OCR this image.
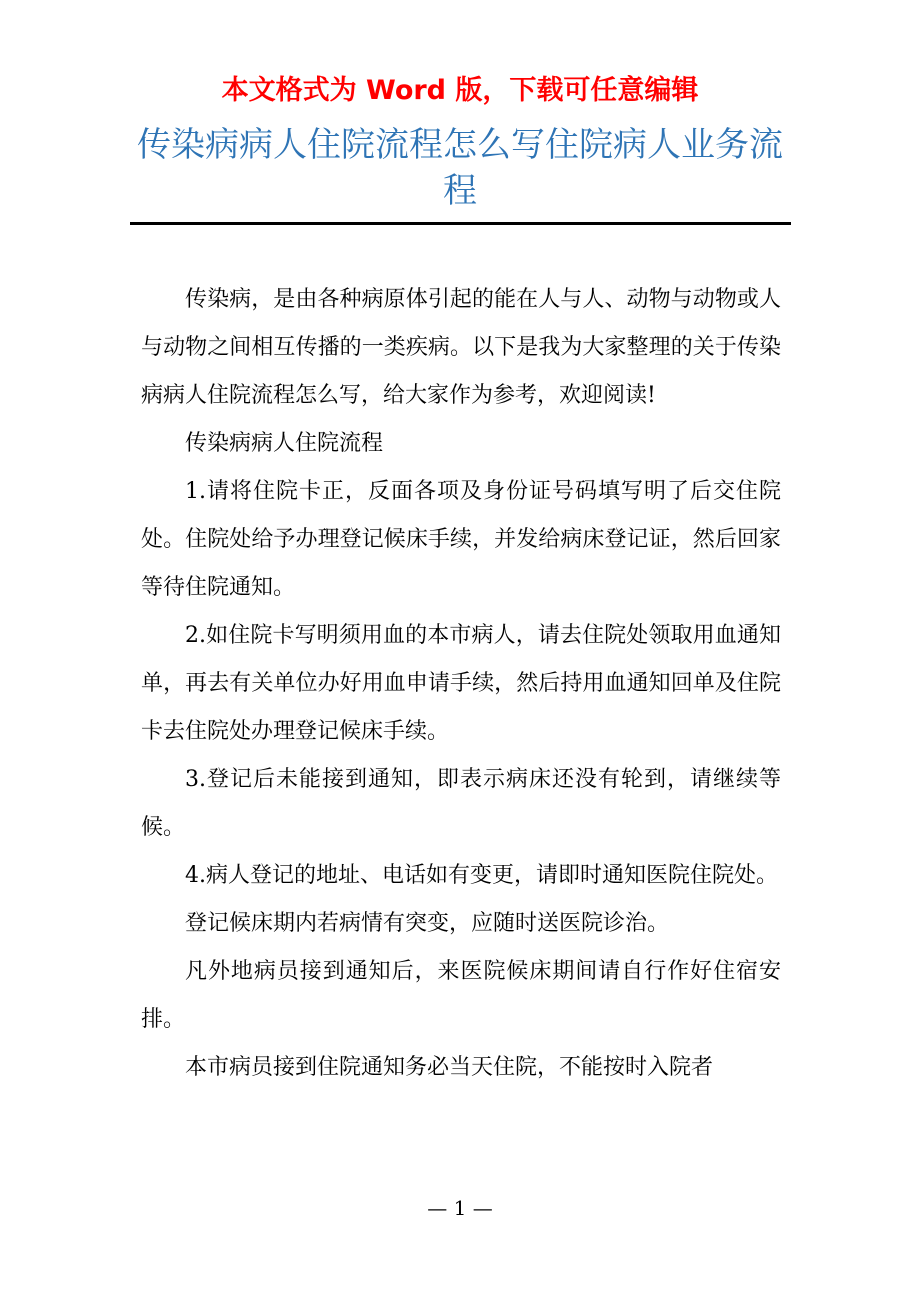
本文格式为 Word 版，下载可任意编辑
传染病病人住院流程怎么写住院病人业务流程

传染病，是由各种病原体引起的能在人与人、动物与动物或人与动物之间相互传播的一类疾病。以下是我为大家整理的关于传染病病人住院流程怎么写，给大家作为参考，欢迎阅读!

传染病病人住院流程

1.请将住院卡正，反面各项及身份证号码填写明了后交住院处。住院处给予办理登记候床手续，并发给病床登记证，然后回家等待住院通知。

2.如住院卡写明须用血的本市病人，请去住院处领取用血通知单，再去有关单位办好用血申请手续，然后持用血通知回单及住院卡去住院处办理登记候床手续。

3.登记后未能接到通知，即表示病床还没有轮到，请继续等候。

4.病人登记的地址、电话如有变更，请即时通知医院住院处。

登记候床期内若病情有突变，应随时送医院诊治。

凡外地病员接到通知后，来医院候床期间请自行作好住宿安排。

本市病员接到住院通知务必当天住院，不能按时入院者

— 1 —
